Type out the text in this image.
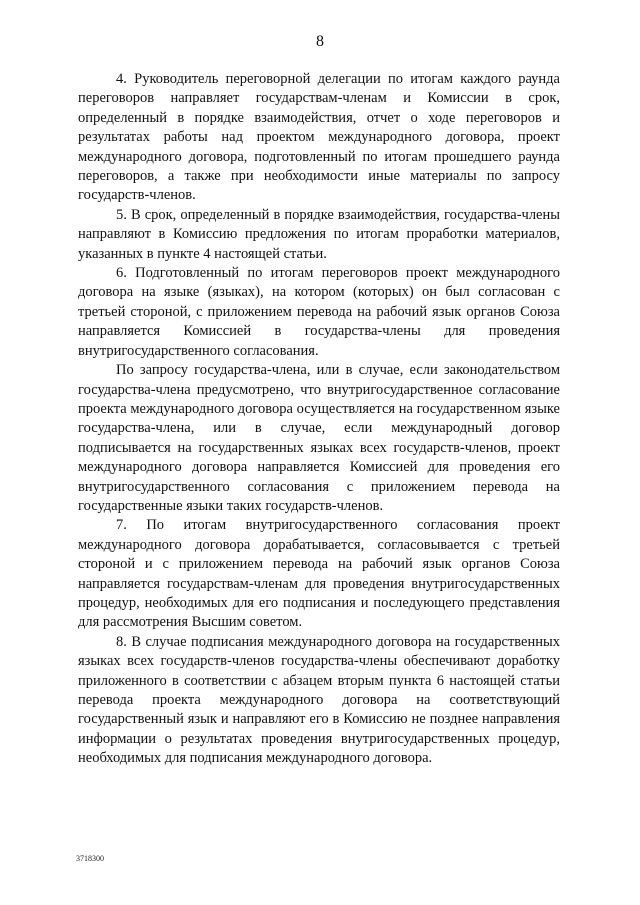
8

4. Руководитель переговорной делегации по итогам каждого раунда переговоров направляет государствам-членам и Комиссии в срок, определенный в порядке взаимодействия, отчет о ходе переговоров и результатах работы над проектом международного договора, проект международного договора, подготовленный по итогам прошедшего раунда переговоров, а также при необходимости иные материалы по запросу государств-членов.

5. В срок, определенный в порядке взаимодействия, государства-члены направляют в Комиссию предложения по итогам проработки материалов, указанных в пункте 4 настоящей статьи.

6. Подготовленный по итогам переговоров проект международного договора на языке (языках), на котором (которых) он был согласован с третьей стороной, с приложением перевода на рабочий язык органов Союза направляется Комиссией в государства-члены для проведения внутригосударственного согласования.

По запросу государства-члена, или в случае, если законодательством государства-члена предусмотрено, что внутригосударственное согласование проекта международного договора осуществляется на государственном языке государства-члена, или в случае, если международный договор подписывается на государственных языках всех государств-членов, проект международного договора направляется Комиссией для проведения его внутригосударственного согласования с приложением перевода на государственные языки таких государств-членов.

7. По итогам внутригосударственного согласования проект международного договора дорабатывается, согласовывается с третьей стороной и с приложением перевода на рабочий язык органов Союза направляется государствам-членам для проведения внутригосударственных процедур, необходимых для его подписания и последующего представления для рассмотрения Высшим советом.

8. В случае подписания международного договора на государственных языках всех государств-членов государства-члены обеспечивают доработку приложенного в соответствии с абзацем вторым пункта 6 настоящей статьи перевода проекта международного договора на соответствующий государственный язык и направляют его в Комиссию не позднее направления информации о результатах проведения внутригосударственных процедур, необходимых для подписания международного договора.

3718300
